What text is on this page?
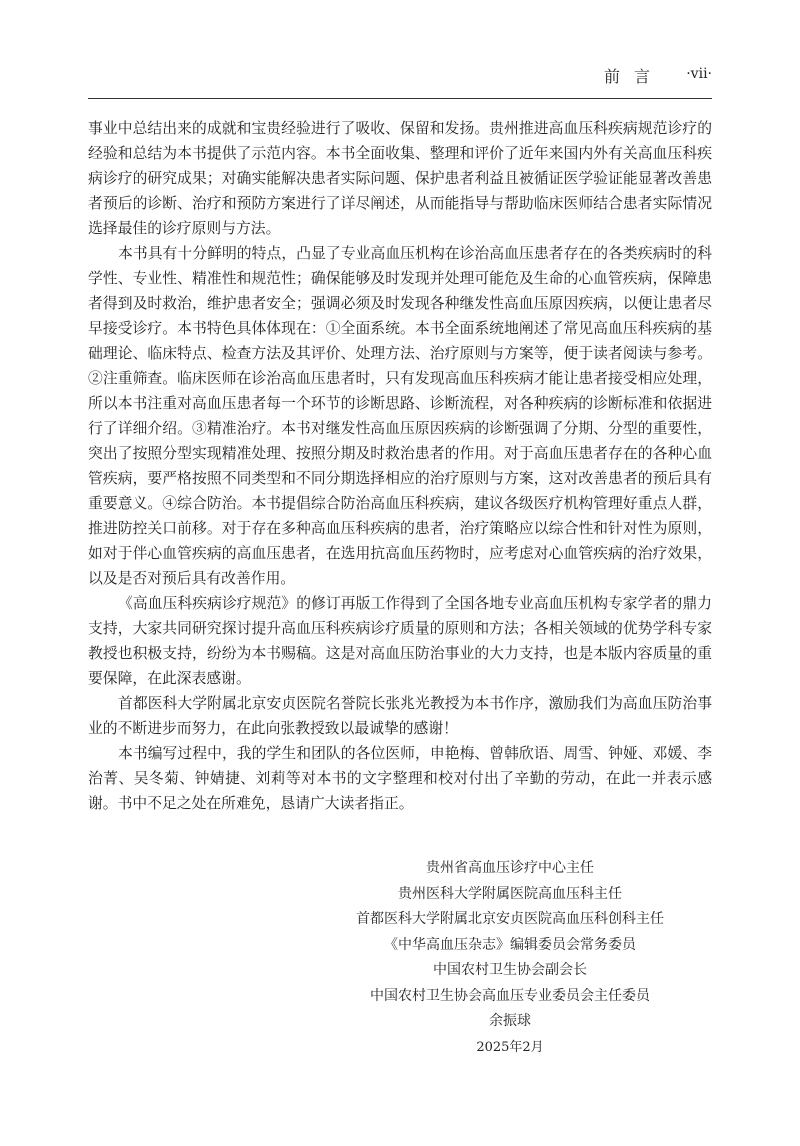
前言 ·vii·

事业中总结出来的成就和宝贵经验进行了吸收、保留和发扬。贵州推进高血压科疾病规范诊疗的经验和总结为本书提供了示范内容。本书全面收集、整理和评价了近年来国内外有关高血压科疾病诊疗的研究成果；对确实能解决患者实际问题、保护患者利益且被循证医学验证能显著改善患者预后的诊断、治疗和预防方案进行了详尽阐述，从而能指导与帮助临床医师结合患者实际情况选择最佳的诊疗原则与方法。

本书具有十分鲜明的特点，凸显了专业高血压机构在诊治高血压患者存在的各类疾病时的科学性、专业性、精准性和规范性；确保能够及时发现并处理可能危及生命的心血管疾病，保障患者得到及时救治，维护患者安全；强调必须及时发现各种继发性高血压原因疾病，以便让患者尽早接受诊疗。本书特色具体体现在：①全面系统。本书全面系统地阐述了常见高血压科疾病的基础理论、临床特点、检查方法及其评价、处理方法、治疗原则与方案等，便于读者阅读与参考。②注重筛查。临床医师在诊治高血压患者时，只有发现高血压科疾病才能让患者接受相应处理，所以本书注重对高血压患者每一个环节的诊断思路、诊断流程，对各种疾病的诊断标准和依据进行了详细介绍。③精准治疗。本书对继发性高血压原因疾病的诊断强调了分期、分型的重要性，突出了按照分型实现精准处理、按照分期及时救治患者的作用。对于高血压患者存在的各种心血管疾病，要严格按照不同类型和不同分期选择相应的治疗原则与方案，这对改善患者的预后具有重要意义。④综合防治。本书提倡综合防治高血压科疾病，建议各级医疗机构管理好重点人群，推进防控关口前移。对于存在多种高血压科疾病的患者，治疗策略应以综合性和针对性为原则，如对于伴心血管疾病的高血压患者，在选用抗高血压药物时，应考虑对心血管疾病的治疗效果，以及是否对预后具有改善作用。

《高血压科疾病诊疗规范》的修订再版工作得到了全国各地专业高血压机构专家学者的鼎力支持，大家共同研究探讨提升高血压科疾病诊疗质量的原则和方法；各相关领域的优势学科专家教授也积极支持，纷纷为本书赐稿。这是对高血压防治事业的大力支持，也是本版内容质量的重要保障，在此深表感谢。

首都医科大学附属北京安贞医院名誉院长张兆光教授为本书作序，激励我们为高血压防治事业的不断进步而努力，在此向张教授致以最诚挚的感谢！

本书编写过程中，我的学生和团队的各位医师，申艳梅、曾韩欣语、周雪、钟娅、邓媛、李治菁、吴冬菊、钟婧捷、刘莉等对本书的文字整理和校对付出了辛勤的劳动，在此一并表示感谢。书中不足之处在所难免，恳请广大读者指正。

贵州省高血压诊疗中心主任
贵州医科大学附属医院高血压科主任
首都医科大学附属北京安贞医院高血压科创科主任
《中华高血压杂志》编辑委员会常务委员
中国农村卫生协会副会长
中国农村卫生协会高血压专业委员会主任委员
余振球
2025年2月
